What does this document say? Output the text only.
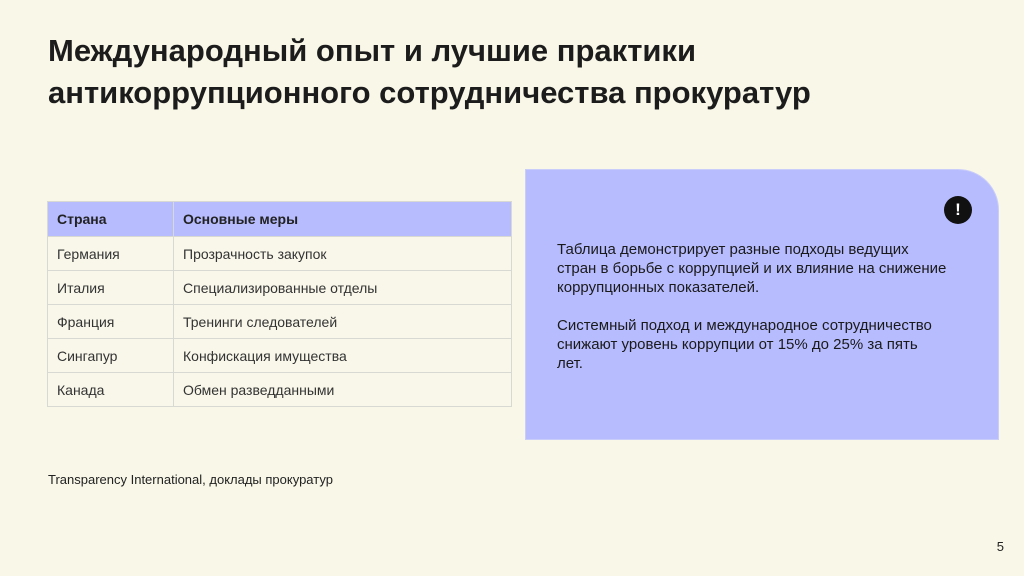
Международный опыт и лучшие практики антикоррупционного сотрудничества прокуратур
Страна	Основные меры
Германия	Прозрачность закупок
Италия	Специализированные отделы
Франция	Тренинги следователей
Сингапур	Конфискация имущества
Канада	Обмен разведданными
!

Таблица демонстрирует разные подходы ведущих стран в борьбе с коррупцией и их влияние на снижение коррупционных показателей.

Системный подход и международное сотрудничество снижают уровень коррупции от 15% до 25% за пять лет.

Transparency International, доклады прокуратур
5
